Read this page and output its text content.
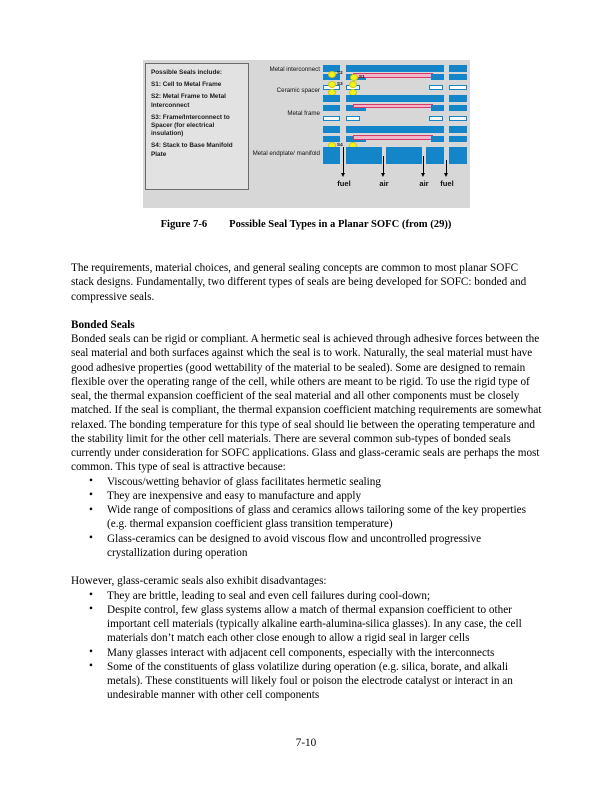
Possible Seals include:
S1: Cell to Metal Frame
S2: Metal Frame to Metal Interconnect
S3: Frame/Interconnect to Spacer (for electrical insulation)
S4: Stack to Base Manifold Plate
Metal interconnect
Ceramic spacer
Metal frame
Metal endplate/ manifold
S2
S1
S3
S4
fuel	air	air	fuel
Figure 7-6 Possible Seal Types in a Planar SOFC (from (29))

The requirements, material choices, and general sealing concepts are common to most planar SOFC stack designs. Fundamentally, two different types of seals are being developed for SOFC: bonded and compressive seals.

Bonded Seals

Bonded seals can be rigid or compliant. A hermetic seal is achieved through adhesive forces between the seal material and both surfaces against which the seal is to work. Naturally, the seal material must have good adhesive properties (good wettability of the material to be sealed). Some are designed to remain flexible over the operating range of the cell, while others are meant to be rigid. To use the rigid type of seal, the thermal expansion coefficient of the seal material and all other components must be closely matched. If the seal is compliant, the thermal expansion coefficient matching requirements are somewhat relaxed. The bonding temperature for this type of seal should lie between the operating temperature and the stability limit for the other cell materials. There are several common sub-types of bonded seals currently under consideration for SOFC applications. Glass and glass-ceramic seals are perhaps the most common. This type of seal is attractive because:

• Viscous/wetting behavior of glass facilitates hermetic sealing
• They are inexpensive and easy to manufacture and apply
• Wide range of compositions of glass and ceramics allows tailoring some of the key properties (e.g. thermal expansion coefficient glass transition temperature)
• Glass-ceramics can be designed to avoid viscous flow and uncontrolled progressive crystallization during operation

However, glass-ceramic seals also exhibit disadvantages:

• They are brittle, leading to seal and even cell failures during cool-down;
• Despite control, few glass systems allow a match of thermal expansion coefficient to other important cell materials (typically alkaline earth-alumina-silica glasses). In any case, the cell materials don’t match each other close enough to allow a rigid seal in larger cells
• Many glasses interact with adjacent cell components, especially with the interconnects
• Some of the constituents of glass volatilize during operation (e.g. silica, borate, and alkali metals). These constituents will likely foul or poison the electrode catalyst or interact in an undesirable manner with other cell components
7-10
